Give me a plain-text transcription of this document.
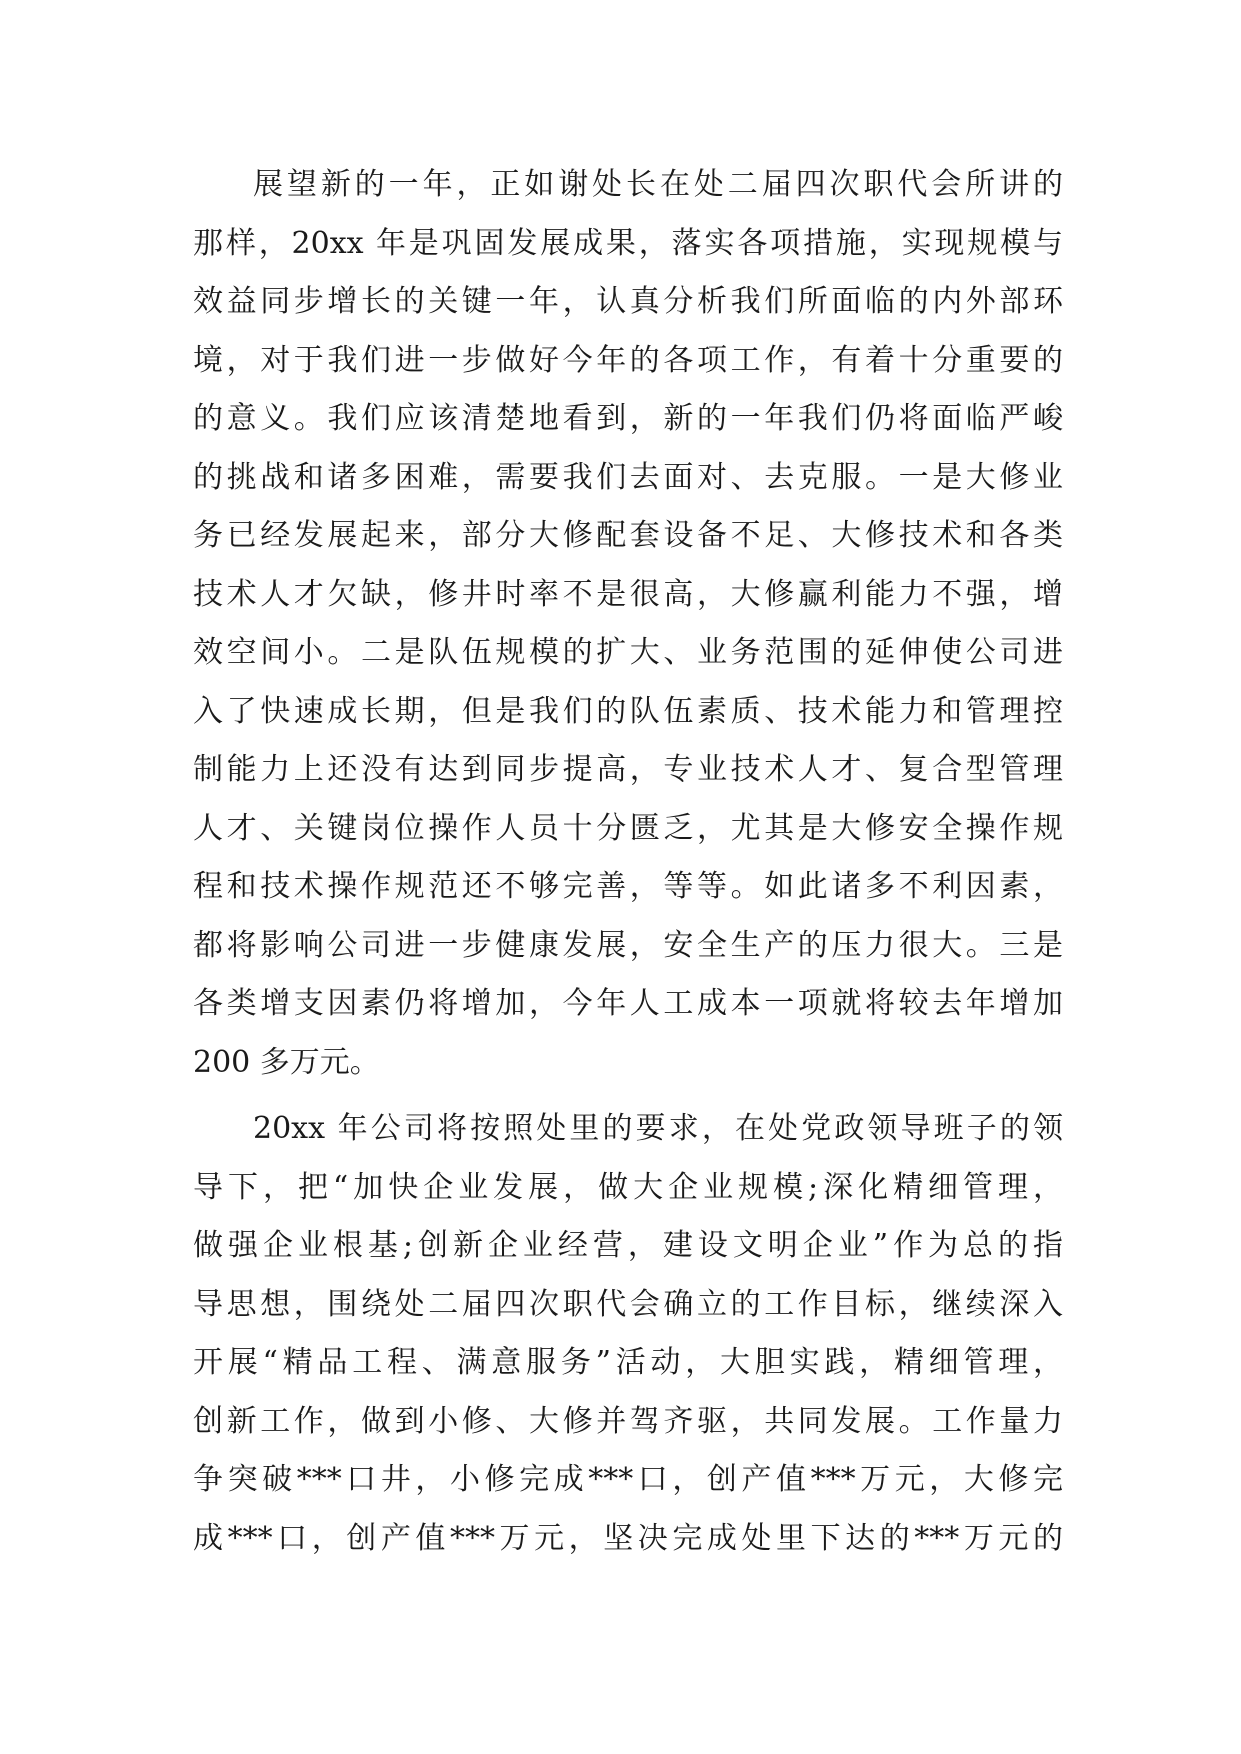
展望新的一年，正如谢处长在处二届四次职代会所讲的
那样，20xx 年是巩固发展成果，落实各项措施，实现规模与
效益同步增长的关键一年，认真分析我们所面临的内外部环
境，对于我们进一步做好今年的各项工作，有着十分重要的
的意义。我们应该清楚地看到，新的一年我们仍将面临严峻
的挑战和诸多困难，需要我们去面对、去克服。一是大修业
务已经发展起来，部分大修配套设备不足、大修技术和各类
技术人才欠缺，修井时率不是很高，大修赢利能力不强，增
效空间小。二是队伍规模的扩大、业务范围的延伸使公司进
入了快速成长期，但是我们的队伍素质、技术能力和管理控
制能力上还没有达到同步提高，专业技术人才、复合型管理
人才、关键岗位操作人员十分匮乏，尤其是大修安全操作规
程和技术操作规范还不够完善，等等。如此诸多不利因素，
都将影响公司进一步健康发展，安全生产的压力很大。三是
各类增支因素仍将增加，今年人工成本一项就将较去年增加
200 多万元。
20xx 年公司将按照处里的要求，在处党政领导班子的领
导下，把“加快企业发展，做大企业规模;深化精细管理，
做强企业根基;创新企业经营，建设文明企业”作为总的指
导思想，围绕处二届四次职代会确立的工作目标，继续深入
开展“精品工程、满意服务”活动，大胆实践，精细管理，
创新工作，做到小修、大修并驾齐驱，共同发展。工作量力
争突破***口井，小修完成***口，创产值***万元，大修完
成***口，创产值***万元，坚决完成处里下达的***万元的
